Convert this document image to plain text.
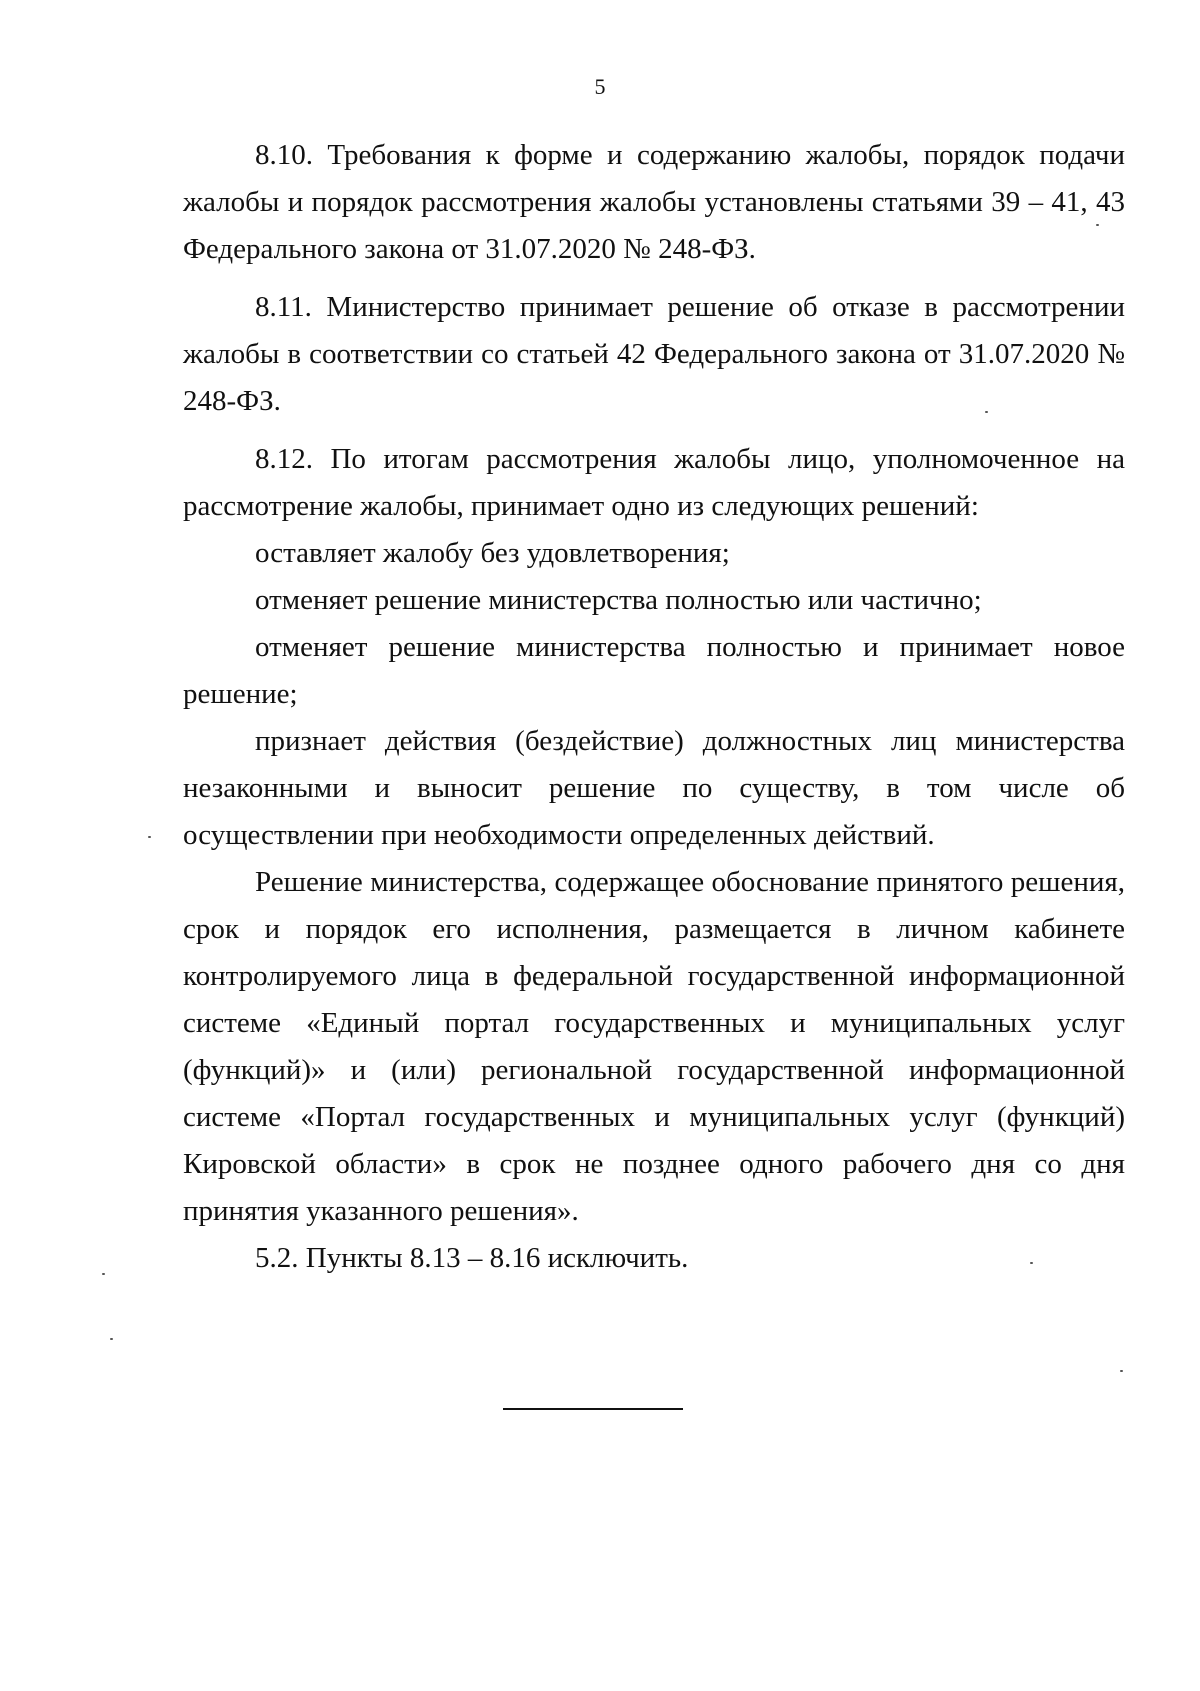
5

8.10. Требования к форме и содержанию жалобы, порядок подачи жалобы и порядок рассмотрения жалобы установлены статьями 39 – 41, 43 Федерального закона от 31.07.2020 № 248-ФЗ.

8.11. Министерство принимает решение об отказе в рассмотрении жалобы в соответствии со статьей 42 Федерального закона от 31.07.2020 № 248-ФЗ.

8.12. По итогам рассмотрения жалобы лицо, уполномоченное на рассмотрение жалобы, принимает одно из следующих решений:

оставляет жалобу без удовлетворения;

отменяет решение министерства полностью или частично;

отменяет решение министерства полностью и принимает новое решение;

признает действия (бездействие) должностных лиц министерства незаконными и выносит решение по существу, в том числе об осуществлении при необходимости определенных действий.

Решение министерства, содержащее обоснование принятого решения, срок и порядок его исполнения, размещается в личном кабинете контролируемого лица в федеральной государственной информационной системе «Единый портал государственных и муниципальных услуг (функций)» и (или) региональной государственной информационной системе «Портал государственных и муниципальных услуг (функций) Кировской области» в срок не позднее одного рабочего дня со дня принятия указанного решения».

5.2. Пункты 8.13 – 8.16 исключить.
